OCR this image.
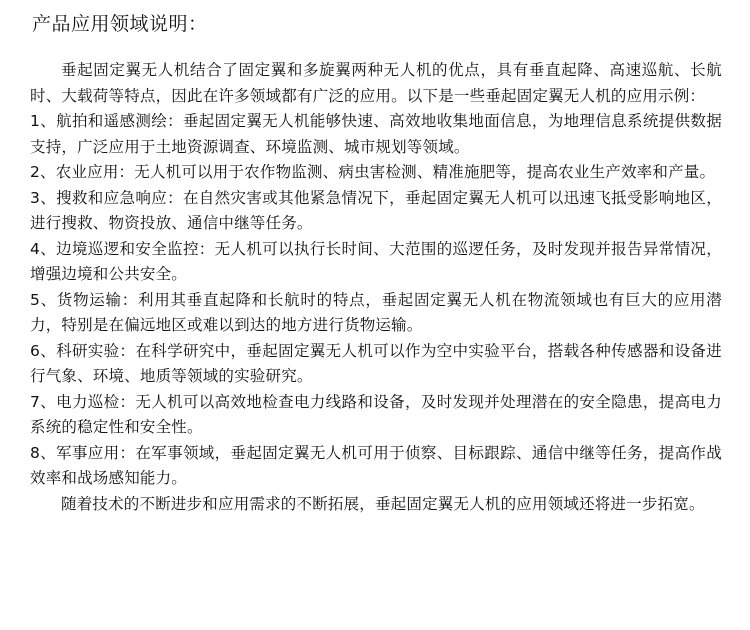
产品应用领域说明：

垂起固定翼无人机结合了固定翼和多旋翼两种无人机的优点，具有垂直起降、高速巡航、长航时、大载荷等特点，因此在许多领域都有广泛的应用。以下是一些垂起固定翼无人机的应用示例：

1、航拍和遥感测绘：垂起固定翼无人机能够快速、高效地收集地面信息，为地理信息系统提供数据支持，广泛应用于土地资源调查、环境监测、城市规划等领域。

2、农业应用：无人机可以用于农作物监测、病虫害检测、精准施肥等，提高农业生产效率和产量。

3、搜救和应急响应：在自然灾害或其他紧急情况下，垂起固定翼无人机可以迅速飞抵受影响地区，进行搜救、物资投放、通信中继等任务。

4、边境巡逻和安全监控：无人机可以执行长时间、大范围的巡逻任务，及时发现并报告异常情况，增强边境和公共安全。

5、货物运输：利用其垂直起降和长航时的特点，垂起固定翼无人机在物流领域也有巨大的应用潜力，特别是在偏远地区或难以到达的地方进行货物运输。

6、科研实验：在科学研究中，垂起固定翼无人机可以作为空中实验平台，搭载各种传感器和设备进行气象、环境、地质等领域的实验研究。

7、电力巡检：无人机可以高效地检查电力线路和设备，及时发现并处理潜在的安全隐患，提高电力系统的稳定性和安全性。

8、军事应用：在军事领域，垂起固定翼无人机可用于侦察、目标跟踪、通信中继等任务，提高作战效率和战场感知能力。

随着技术的不断进步和应用需求的不断拓展，垂起固定翼无人机的应用领域还将进一步拓宽。
